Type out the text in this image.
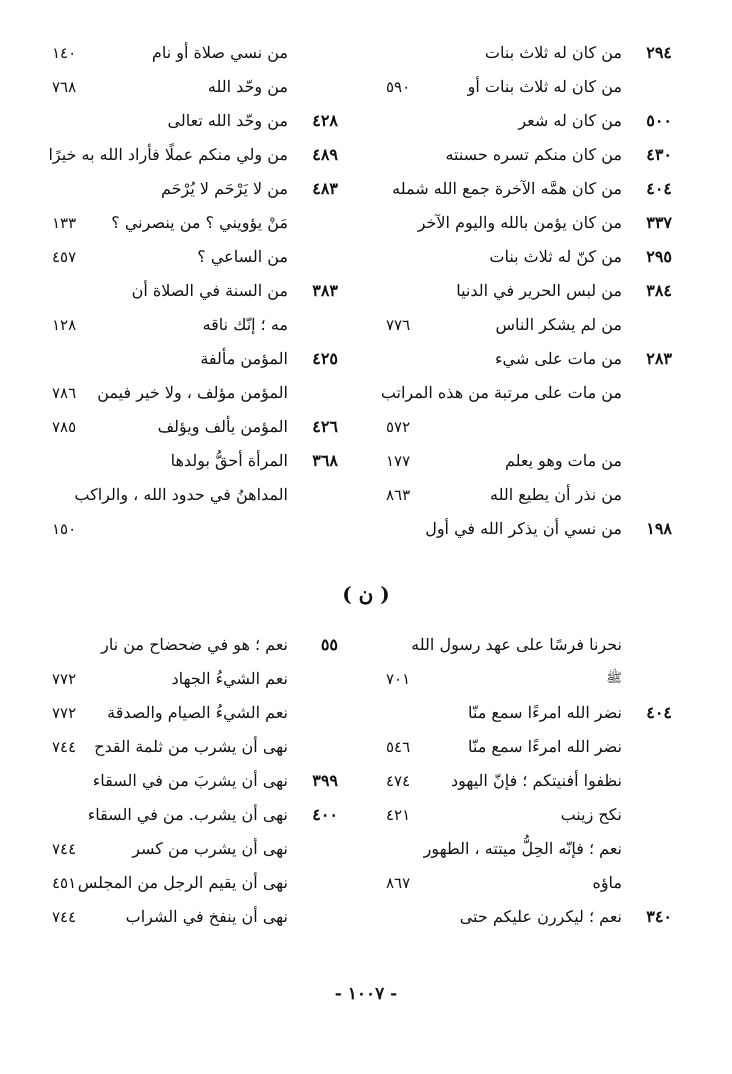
٢٩٤
من كان له ثلاث بنات
من كان له ثلاث بنات أو
٥٩٠
٥٠٠
من كان له شعر
٤٣٠
من كان منكم تسره حسنته
٤٠٤
من كان همَّه الآخرة جمع الله شمله
٣٣٧
من كان يؤمن بالله واليوم الآخر
٢٩٥
من كنّ له ثلاث بنات
٣٨٤
من لبس الحرير في الدنيا
من لم يشكر الناس
٧٧٦
٢٨٣
من مات على شيء
من مات على مرتبة من هذه المراتب
٥٧٢
من مات وهو يعلم
١٧٧
من نذر أن يطيع الله
٨٦٣
١٩٨
من نسي أن يذكر الله في أول
من نسي صلاة أو نام
١٤٠
من وحّد الله
٧٦٨
٤٢٨
من وحّد الله تعالى
٤٨٩
من ولي منكم عملًا فأراد الله به خيرًا
٤٨٣
من لا يَرْحَم لا يُرْحَم
مَنْ يؤويني ؟ من ينصرني ؟
١٣٣
من الساعي ؟
٤٥٧
٣٨٣
من السنة في الصلاة أن
مه ؛ إنّك ناقه
١٢٨
٤٢٥
المؤمن مألفة
المؤمن مؤلف ، ولا خير فيمن
٧٨٦
٤٢٦
المؤمن يألف ويؤلف
٧٨٥
٣٦٨
المرأة أحقُّ بولدها
المداهنُ في حدود الله ، والراكب
١٥٠
( ن )
نحرنا فرسًا على عهد رسول الله
ﷺ
٧٠١
٤٠٤
نضر الله امرءًا سمع منّا
نضر الله امرءًا سمع منّا
٥٤٦
نظفوا أفنيتكم ؛ فإنّ اليهود
٤٧٤
نكح زينب
٤٢١
نعم ؛ فإنّه الحِلُّ ميتته ، الطهور
ماؤه
٨٦٧
٣٤٠
نعم ؛ ليكررن عليكم حتى
٥٥
نعم ؛ هو في ضحضاح من نار
نعم الشيءُ الجهاد
٧٧٢
نعم الشيءُ الصيام والصدقة
٧٧٢
نهى أن يشرب من ثلمة القدح
٧٤٤
٣٩٩
نهى أن يشربَ من في السقاء
٤٠٠
نهى أن يشرب. من في السقاء
نهى أن يشرب من كسر
٧٤٤
نهى أن يقيم الرجل من المجلس
٤٥١
نهى أن ينفخ في الشراب
٧٤٤
- ١٠٠٧ -
